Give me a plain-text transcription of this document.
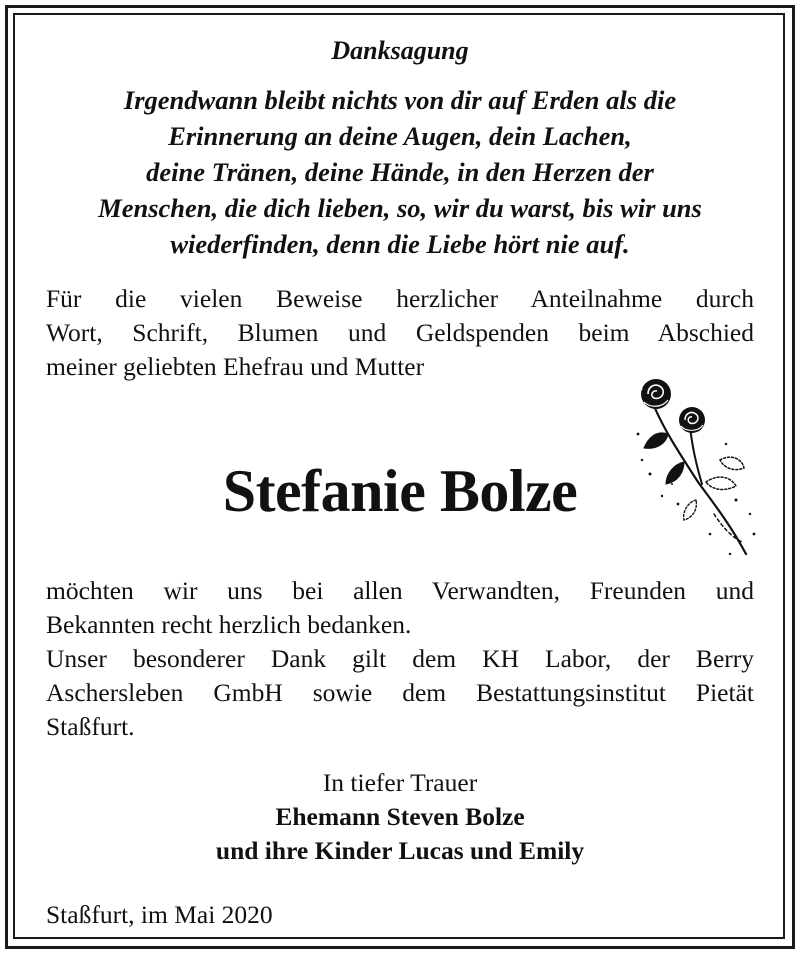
Danksagung

Irgendwann bleibt nichts von dir auf Erden als die
Erinnerung an deine Augen, dein Lachen,
deine Tränen, deine Hände, in den Herzen der
Menschen, die dich lieben, so, wir du warst, bis wir uns
wiederfinden, denn die Liebe hört nie auf.

Für die vielen Beweise herzlicher Anteilnahme durch
Wort, Schrift, Blumen und Geldspenden beim Abschied
meiner geliebten Ehefrau und Mutter

Stefanie Bolze

möchten wir uns bei allen Verwandten, Freunden und
Bekannten recht herzlich bedanken.
Unser besonderer Dank gilt dem KH Labor, der Berry
Aschersleben GmbH sowie dem Bestattungsinstitut Pietät
Staßfurt.

In tiefer Trauer
Ehemann Steven Bolze
und ihre Kinder Lucas und Emily
Staßfurt, im Mai 2020
